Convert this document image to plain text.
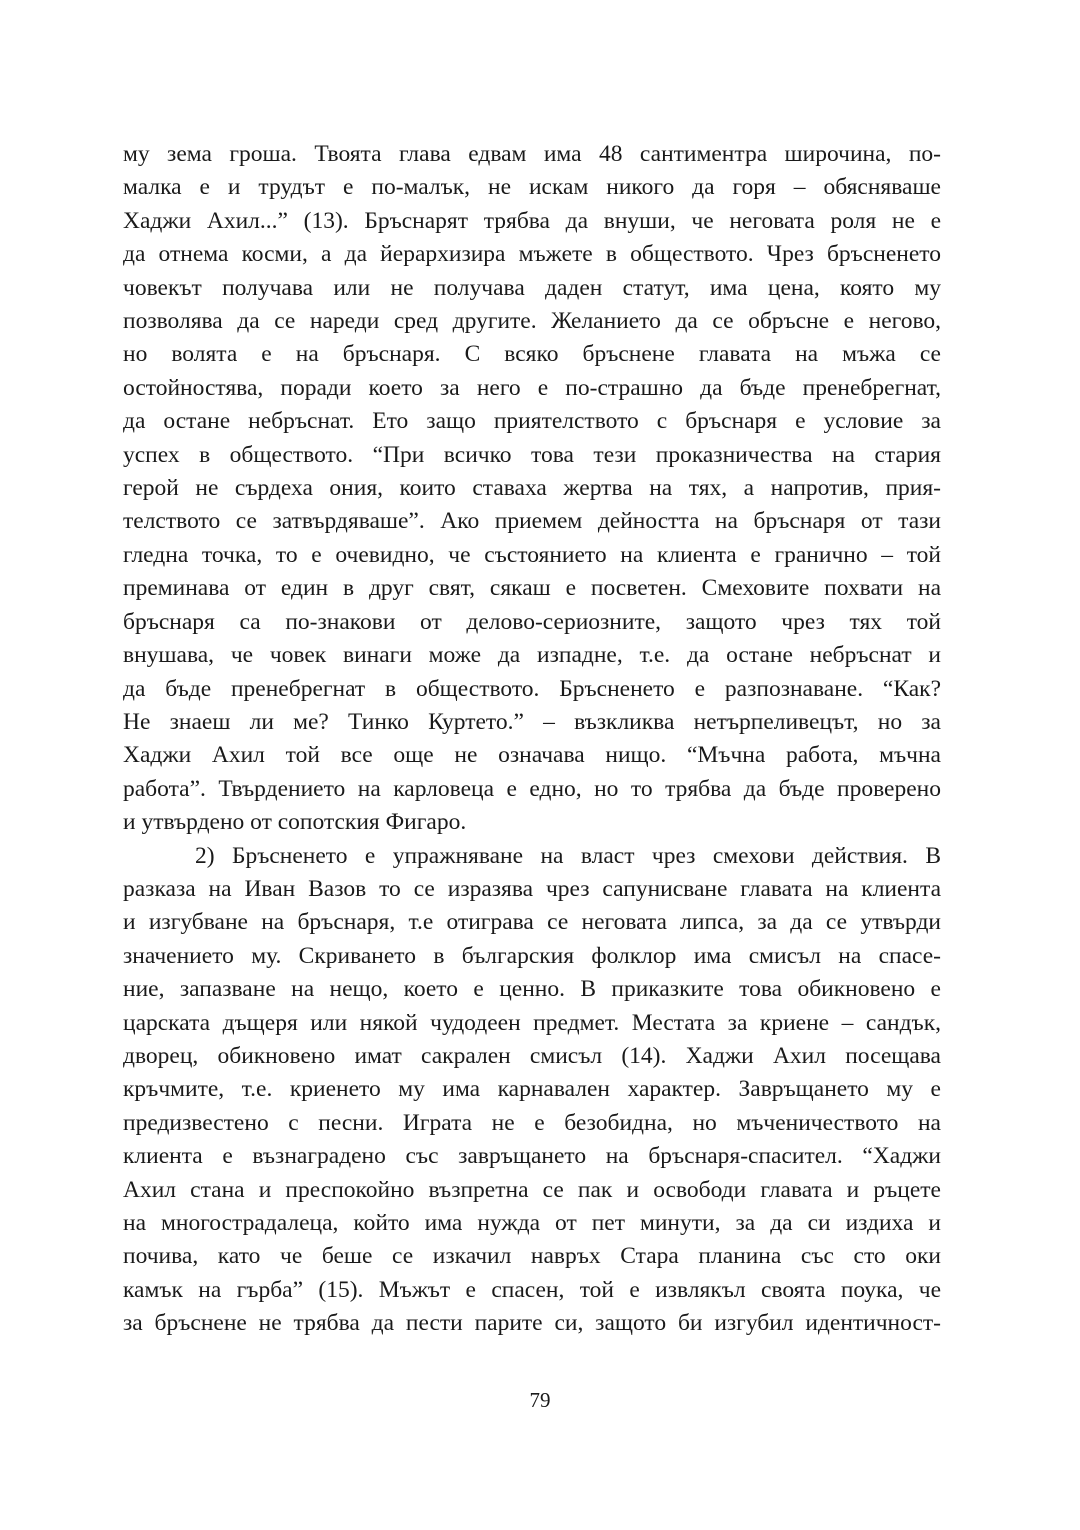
му зема гроша. Твоята глава едвам има 48 сантиментра широчина, по-
малка е и трудът е по-малък, не искам никого да горя – обясняваше
Хаджи Ахил...” (13). Бръснарят трябва да внуши, че неговата роля не е
да отнема косми, а да йерархизира мъжете в обществото. Чрез бръсненето
човекът получава или не получава даден статут, има цена, която му
позволява да се нареди сред другите. Желанието да се обръсне е негово,
но волята е на бръснаря. С всяко бръснене главата на мъжа се
остойностява, поради което за него е по-страшно да бъде пренебрегнат,
да остане небръснат. Ето защо приятелството с бръснаря е условие за
успех в обществото. “При всичко това тези проказничества на стария
герой не сърдеха ония, които ставаха жертва на тях, а напротив, прия-
телството се затвърдяваше”. Ако приемем дейността на бръснаря от тази
гледна точка, то е очевидно, че състоянието на клиента е гранично – той
преминава от един в друг свят, сякаш е посветен. Смеховите похвати на
бръснаря са по-знакови от делово-сериозните, защото чрез тях той
внушава, че човек винаги може да изпадне, т.е. да остане небръснат и
да бъде пренебрегнат в обществото. Бръсненето е разпознаване. “Как?
Не знаеш ли ме? Тинко Куртето.” – възкликва нетърпеливецът, но за
Хаджи Ахил той все още не означава нищо. “Мъчна работа, мъчна
работа”. Твърдението на карловеца е едно, но то трябва да бъде проверено
и утвърдено от сопотския Фигаро.
2) Бръсненето е упражняване на власт чрез смехови действия. В
разказа на Иван Вазов то се изразява чрез сапунисване главата на клиента
и изгубване на бръснаря, т.е отиграва се неговата липса, за да се утвърди
значението му. Скриването в българския фолклор има смисъл на спасе-
ние, запазване на нещо, което е ценно. В приказките това обикновено е
царската дъщеря или някой чудодеен предмет. Местата за криене – сандък,
дворец, обикновено имат сакрален смисъл (14). Хаджи Ахил посещава
кръчмите, т.е. криенето му има карнавален характер. Завръщането му е
предизвестено с песни. Играта не е безобидна, но мъченичеството на
клиента е възнаградено със завръщането на бръснаря-спасител. “Хаджи
Ахил стана и преспокойно възпретна се пак и освободи главата и ръцете
на многострадалеца, който има нужда от пет минути, за да си издиха и
почива, като че беше се изкачил навръх Стара планина със сто оки
камък на гърба” (15). Мъжът е спасен, той е извлякъл своята поука, че
за бръснене не трябва да пести парите си, защото би изгубил идентичност-
79
